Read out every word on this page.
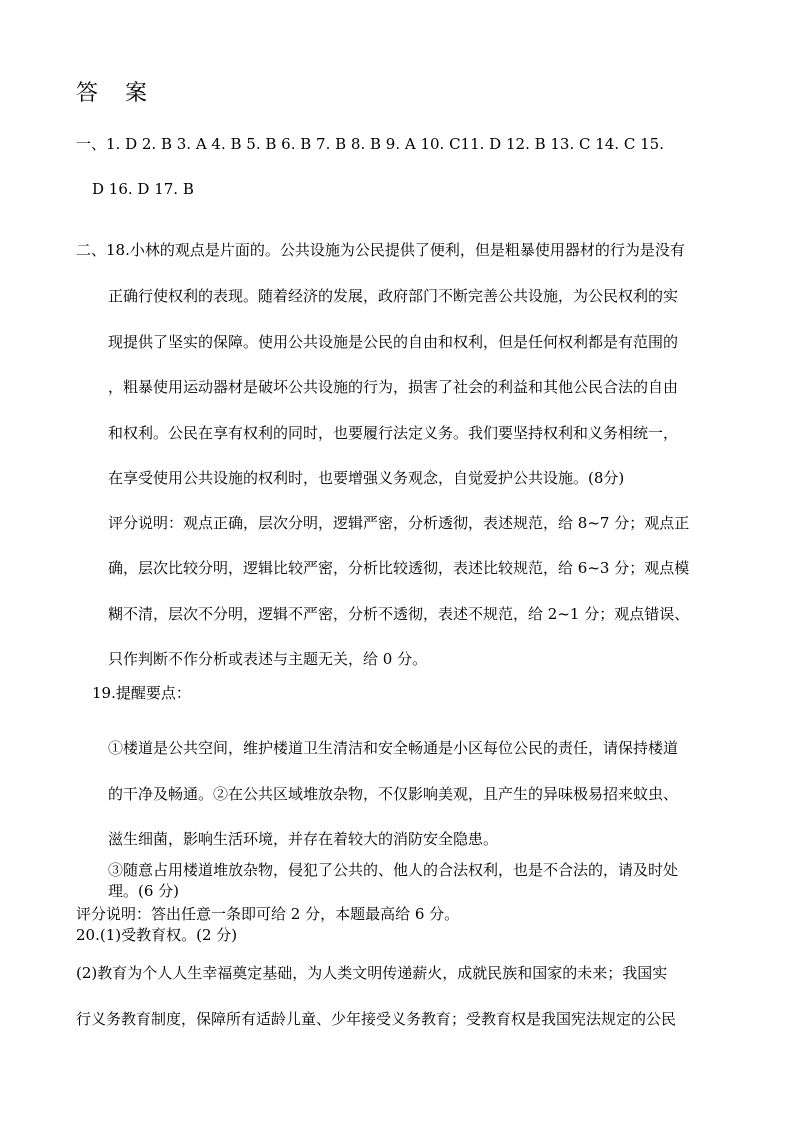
答 案
一、1. D 2. B 3. A 4. B 5. B 6. B 7. B 8. B 9. A 10. C11. D 12. B 13. C 14. C 15.
D 16. D 17. B
二、18.小林的观点是片面的。公共设施为公民提供了便利，但是粗暴使用器材的行为是没有
正确行使权利的表现。随着经济的发展，政府部门不断完善公共设施，为公民权利的实
现提供了坚实的保障。使用公共设施是公民的自由和权利，但是任何权利都是有范围的
，粗暴使用运动器材是破坏公共设施的行为，损害了社会的利益和其他公民合法的自由
和权利。公民在享有权利的同时，也要履行法定义务。我们要坚持权利和义务相统一，
在享受使用公共设施的权利时，也要增强义务观念，自觉爱护公共设施。(8分)
评分说明：观点正确，层次分明，逻辑严密，分析透彻，表述规范，给 8~7 分；观点正
确，层次比较分明，逻辑比较严密，分析比较透彻，表述比较规范，给 6~3 分；观点模
糊不清，层次不分明，逻辑不严密，分析不透彻，表述不规范，给 2~1 分；观点错误、
只作判断不作分析或表述与主题无关，给 0 分。
19.提醒要点：
①楼道是公共空间，维护楼道卫生清洁和安全畅通是小区每位公民的责任，请保持楼道
的干净及畅通。②在公共区域堆放杂物，不仅影响美观，且产生的异味极易招来蚊虫、
滋生细菌，影响生活环境，并存在着较大的消防安全隐患。
③随意占用楼道堆放杂物，侵犯了公共的、他人的合法权利，也是不合法的，请及时处
理。(6 分)
评分说明：答出任意一条即可给 2 分，本题最高给 6 分。
20.(1)受教育权。(2 分)
(2)教育为个人人生幸福奠定基础，为人类文明传递薪火，成就民族和国家的未来；我国实
行义务教育制度，保障所有适龄儿童、少年接受义务教育；受教育权是我国宪法规定的公民
